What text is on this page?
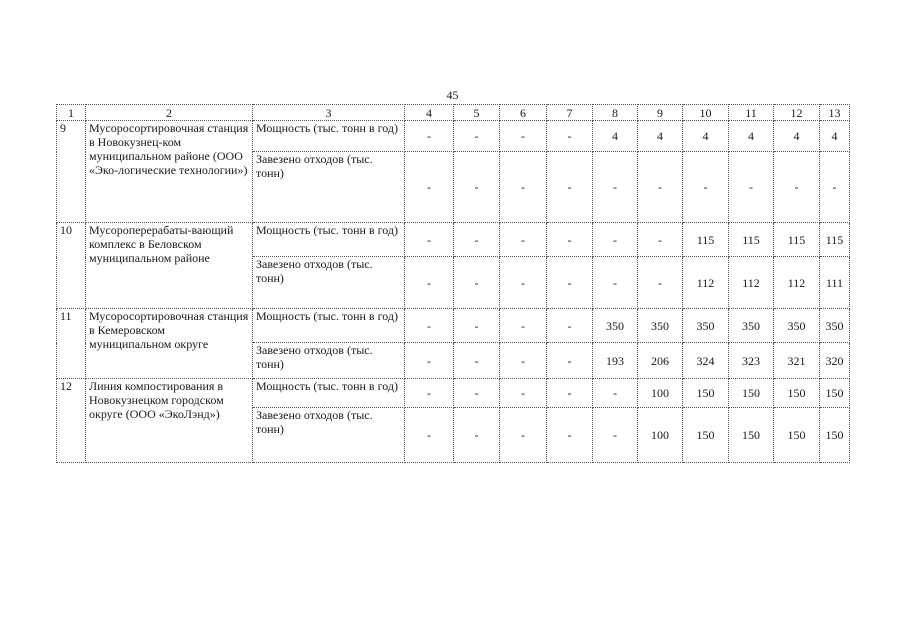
45
1	2	3	4	5	6	7	8	9	10	11	12	13
9	Мусоросортировочная станция в Новокузнец-ком муниципальном районе (ООО «Эко-логические технологии»)	Мощность (тыс. тонн в год)	-	-	-	-	4	4	4	4	4	4
		Завезено отходов (тыс. тонн)	-	-	-	-	-	-	-	-	-	-
10	Мусороперерабаты-вающий комплекс в Беловском муниципальном районе	Мощность (тыс. тонн в год)	-	-	-	-	-	-	115	115	115	115
		Завезено отходов (тыс. тонн)	-	-	-	-	-	-	112	112	112	111
11	Мусоросортировочная станция в Кемеровском муниципальном округе	Мощность (тыс. тонн в год)	-	-	-	-	350	350	350	350	350	350
		Завезено отходов (тыс. тонн)	-	-	-	-	193	206	324	323	321	320
12	Линия компостирования в Новокузнецком городском округе (ООО «ЭкоЛэнд»)	Мощность (тыс. тонн в год)	-	-	-	-	-	100	150	150	150	150
		Завезено отходов (тыс. тонн)	-	-	-	-	-	100	150	150	150	150
